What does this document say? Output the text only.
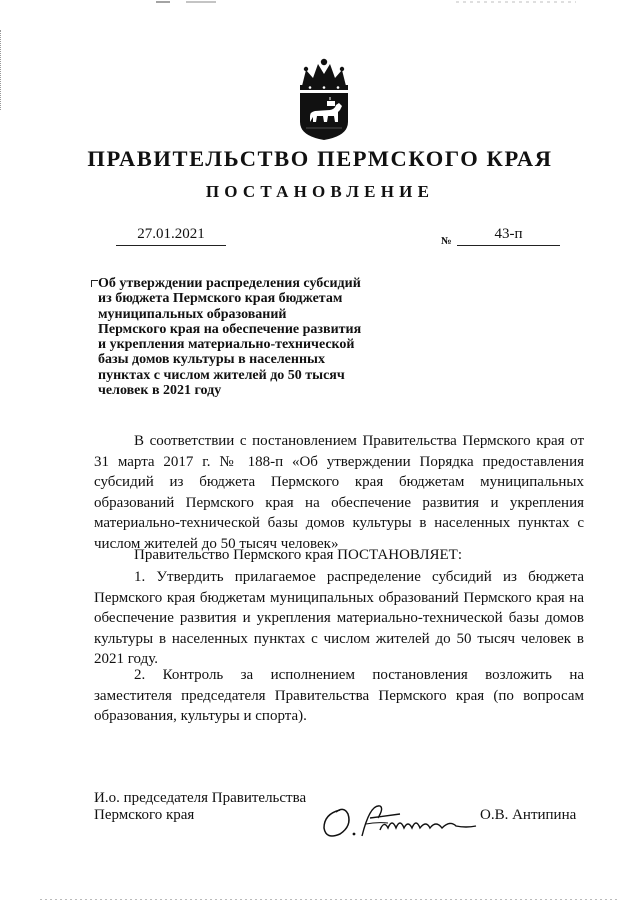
ПРАВИТЕЛЬСТВО ПЕРМСКОГО КРАЯ
ПОСТАНОВЛЕНИЕ
27.01.2021	№	43-п
Об утверждении распределения субсидий
из бюджета Пермского края бюджетам
муниципальных образований
Пермского края на обеспечение развития
и укрепления материально-технической
базы домов культуры в населенных
пунктах с числом жителей до 50 тысяч
человек в 2021 году
В соответствии с постановлением Правительства Пермского края от 31 марта 2017 г. № 188-п «Об утверждении Порядка предоставления субсидий из бюджета Пермского края бюджетам муниципальных образований Пермского края на обеспечение развития и укрепления материально-технической базы домов культуры в населенных пунктах с числом жителей до 50 тысяч человек»
Правительство Пермского края ПОСТАНОВЛЯЕТ:
1. Утвердить прилагаемое распределение субсидий из бюджета Пермского края бюджетам муниципальных образований Пермского края на обеспечение развития и укрепления материально-технической базы домов культуры в населенных пунктах с числом жителей до 50 тысяч человек в 2021 году.
2. Контроль за исполнением постановления возложить на заместителя председателя Правительства Пермского края (по вопросам образования, культуры и спорта).
И.о. председателя Правительства
Пермского края	О.В. Антипина
